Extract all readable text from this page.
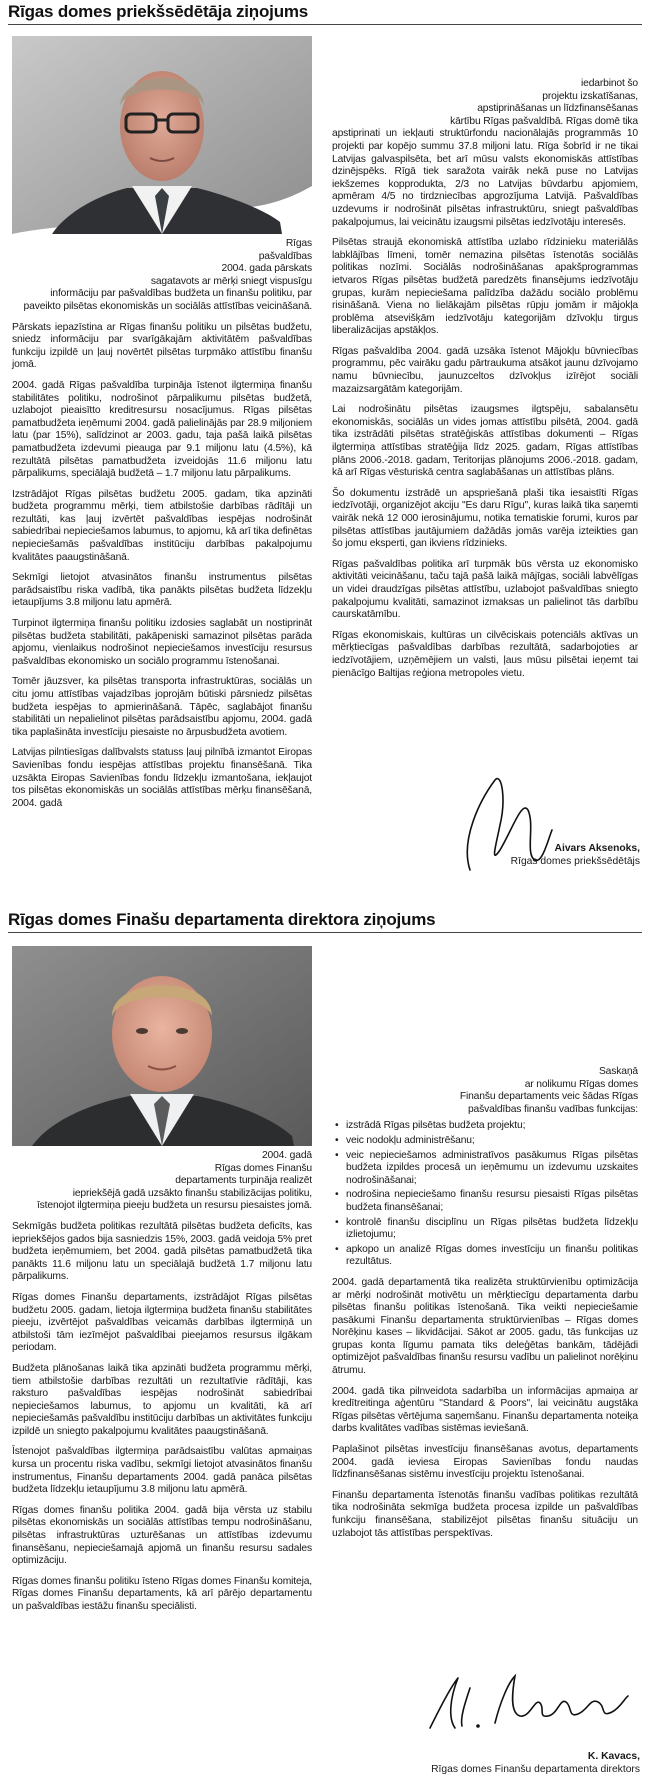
Rīgas domes priekšsēdētāja ziņojums
Rīgas
pašvaldības
2004. gada pārskats
sagatavots ar mērķi sniegt vispusīgu
informāciju par pašvaldības budžeta un finanšu politiku, par
paveikto pilsētas ekonomiskās un sociālās attīstības veicināšanā.

Pārskats iepazīstina ar Rīgas finanšu politiku un pilsētas budžetu, sniedz informāciju par svarīgākajām aktivitātēm pašvaldības funkciju izpildē un ļauj novērtēt pilsētas turpmāko attīstību finanšu jomā.

2004. gadā Rīgas pašvaldība turpināja īstenot ilgtermiņa finanšu stabilitātes politiku, nodrošinot pārpalikumu pilsētas budžetā, uzlabojot pieaisītto kreditresursu nosacījumus. Rīgas pilsētas pamatbudžeta ieņēmumi 2004. gadā palielinājās par 28.9 miljoniem latu (par 15%), salīdzinot ar 2003. gadu, taja pašā laikā pilsētas pamatbudžeta izdevumi pieauga par 9.1 miljonu latu (4.5%), kā rezultātā pilsētas pamatbudžeta izveidojās 11.6 miljonu latu pārpalikums, speciālajā budžetā – 1.7 miljonu latu pārpalikums.

Izstrādājot Rīgas pilsētas budžetu 2005. gadam, tika apzināti budžeta programmu mērķi, tiem atbilstošie darbības rādītāji un rezultāti, kas ļauj izvērtēt pašvaldības iespējas nodrošināt sabiedrībai nepieciešamos labumus, to apjomu, kā arī tika definētas nepieciešamās pašvaldības institūciju darbības pakalpojumu kvalitātes paaugstināšanā.

Sekmīgi lietojot atvasinātos finanšu instrumentus pilsētas parādsaistību riska vadībā, tika panākts pilsētas budžeta līdzekļu ietaupījums 3.8 miljonu latu apmērā.

Turpinot ilgtermiņa finanšu politiku izdosies saglabāt un nostiprināt pilsētas budžeta stabilitāti, pakāpeniski samazinot pilsētas parāda apjomu, vienlaikus nodrošinot nepieciešamos investīciju resursus pašvaldības ekonomisko un sociālo programmu īstenošanai.

Tomēr jāuzsver, ka pilsētas transporta infrastruktūras, sociālās un citu jomu attīstības vajadzības joprojām būtiski pārsniedz pilsētas budžeta iespējas to apmierināšanā. Tāpēc, saglabājot finanšu stabilitāti un nepalielinot pilsētas parādsaistību apjomu, 2004. gadā tika paplašināta investīciju piesaiste no ārpusbudžeta avotiem.

Latvijas pilntiesīgas dalībvalsts statuss ļauj pilnībā izmantot Eiropas Savienības fondu iespējas attīstības projektu finansēšanā. Tika uzsākta Eiropas Savienības fondu līdzekļu izmantošana, iekļaujot tos pilsētas ekonomiskās un sociālās attīstības mērķu finansēšanā, 2004. gadā

iedarbinot šo
projektu izskatīšanas,
apstiprināšanas un līdzfinansēšanas
kārtību Rīgas pašvaldībā. Rīgas domē tika

apstiprinati un iekļauti struktūrfondu nacionālajās programmās 10 projekti par kopējo summu 37.8 miljoni latu. Rīga šobrīd ir ne tikai Latvijas galvaspilsēta, bet arī mūsu valsts ekonomiskās attīstības dzinējspēks. Rīgā tiek saražota vairāk nekā puse no Latvijas iekšzemes kopprodukta, 2/3 no Latvijas būvdarbu apjomiem, apmēram 4/5 no tirdzniecības apgrozījuma Latvijā. Pašvaldības uzdevums ir nodrošināt pilsētas infrastruktūru, sniegt pašvaldības pakalpojumus, lai veicinātu izaugsmi pilsētas iedzīvotāju interesēs.

Pilsētas straujā ekonomiskā attīstība uzlabo rīdzinieku materiālās labklājības līmeni, tomēr nemazina pilsētas īstenotās sociālās politikas nozīmi. Sociālās nodrošināšanas apakšprogrammas ietvaros Rīgas pilsētas budžetā paredzēts finansējums iedzīvotāju grupas, kurām nepieciešama palīdzība dažādu sociālo problēmu risināšanā. Viena no lielākajām pilsētas rūpju jomām ir mājokļa problēma atsevišķām iedzīvotāju kategorijām dzīvokļu tirgus liberalizācijas apstākļos.

Rīgas pašvaldība 2004. gadā uzsāka īstenot Mājokļu būvniecības programmu, pēc vairāku gadu pārtraukuma atsākot jaunu dzīvojamo namu būvniecību, jaunuzceltos dzīvokļus izīrējot sociāli mazaizsargātām kategorijām.

Lai nodrošinātu pilsētas izaugsmes ilgtspēju, sabalansētu ekonomiskās, sociālās un vides jomas attīstību pilsētā, 2004. gadā tika izstrādāti pilsētas stratēģiskās attīstības dokumenti – Rīgas ilgtermiņa attīstības stratēģija līdz 2025. gadam, Rīgas attīstības plāns 2006.-2018. gadam, Teritorijas plānojums 2006.-2018. gadam, kā arī Rīgas vēsturiskā centra saglabāšanas un attīstības plāns.

Šo dokumentu izstrādē un apspriešanā plaši tika iesaistīti Rīgas iedzīvotāji, organizējot akciju "Es daru Rīgu", kuras laikā tika saņemti vairāk nekā 12 000 ierosinājumu, notika tematiskie forumi, kuros par pilsētas attīstības jautājumiem dažādās jomās varēja izteikties gan šo jomu eksperti, gan ikviens rīdzinieks.

Rīgas pašvaldības politika arī turpmāk būs vērsta uz ekonomisko aktivitāti veicināšanu, taču tajā pašā laikā mājīgas, sociāli labvēlīgas un videi draudzīgas pilsētas attīstību, uzlabojot pašvaldības sniegto pakalpojumu kvalitāti, samazinot izmaksas un palielinot tās darbību caurskatāmību.

Rīgas ekonomiskais, kultūras un cilvēciskais potenciāls aktīvas un mērķtiecīgas pašvaldības darbības rezultātā, sadarbojoties ar iedzīvotājiem, uzņēmējiem un valsti, ļaus mūsu pilsētai ieņemt tai pienācīgo Baltijas reģiona metropoles vietu.

Aivars Aksenoks,
Rīgas domes priekšsēdētājs
Rīgas domes Finašu departamenta direktora ziņojums
2004. gadā
Rīgas domes Finanšu
departaments turpināja realizēt
iepriekšējā gadā uzsākto finanšu stabilizācijas politiku,
īstenojot ilgtermiņa pieeju budžeta un resursu piesaistes jomā.

Sekmīgās budžeta politikas rezultātā pilsētas budžeta deficīts, kas iepriekšējos gados bija sasniedzis 15%, 2003. gadā veidoja 5% pret budžeta ieņēmumiem, bet 2004. gadā pilsētas pamatbudžetā tika panākts 11.6 miljonu latu un speciālajā budžetā 1.7 miljonu latu pārpalikums.

Rīgas domes Finanšu departaments, izstrādājot Rīgas pilsētas budžetu 2005. gadam, lietoja ilgtermiņa budžeta finanšu stabilitātes pieeju, izvērtējot pašvaldības veicamās darbības ilgtermiņā un atbilstoši tām iezīmējot pašvaldībai pieejamos resursus ilgākam periodam.

Budžeta plānošanas laikā tika apzināti budžeta programmu mērķi, tiem atbilstošie darbības rezultāti un rezultatīvie rādītāji, kas raksturo pašvaldības iespējas nodrošināt sabiedrībai nepieciešamos labumus, to apjomu un kvalitāti, kā arī nepieciešamās pašvaldību institūciju darbības un aktivitātes funkciju izpildē un sniegto pakalpojumu kvalitātes paaugstināšanā.

Īstenojot pašvaldības ilgtermiņa parādsaistību valūtas apmaiņas kursa un procentu riska vadību, sekmīgi lietojot atvasinātos finanšu instrumentus, Finanšu departaments 2004. gadā panāca pilsētas budžeta līdzekļu ietaupījumu 3.8 miljonu latu apmērā.

Rīgas domes finanšu politika 2004. gadā bija vērsta uz stabilu pilsētas ekonomiskās un sociālās attīstības tempu nodrošināšanu, pilsētas infrastruktūras uzturēšanas un attīstības izdevumu finansēšanu, nepieciešamajā apjomā un finanšu resursu sadales optimizāciju.

Rīgas domes finanšu politiku īsteno Rīgas domes Finanšu komiteja, Rīgas domes Finanšu departaments, kā arī pārējo departamentu un pašvaldības iestāžu finanšu speciālisti.

Saskaņā
ar nolikumu Rīgas domes
Finanšu departaments veic šādas Rīgas
pašvaldības finanšu vadības funkcijas:
• izstrādā Rīgas pilsētas budžeta projektu;
• veic nodokļu administrēšanu;
• veic nepieciešamos administratīvos pasākumus Rīgas pilsētas budžeta izpildes procesā un ieņēmumu un izdevumu uzskaites nodrošināšanai;
• nodrošina nepieciešamo finanšu resursu piesaisti Rīgas pilsētas budžeta finansēšanai;
• kontrolē finanšu disciplīnu un Rīgas pilsētas budžeta līdzekļu izlietojumu;
• apkopo un analizē Rīgas domes investīciju un finanšu politikas rezultātus.

2004. gadā departamentā tika realizēta struktūrvienību optimizācija ar mērķi nodrošināt motivētu un mērķtiecīgu departamenta darbu pilsētas finanšu politikas īstenošanā. Tika veikti nepieciešamie pasākumi Finanšu departamenta struktūrvienības – Rīgas domes Norēķinu kases – likvidācijai. Sākot ar 2005. gadu, tās funkcijas uz grupas konta līgumu pamata tiks deleģētas bankām, tādējādi optimizējot pašvaldības finanšu resursu vadību un palielinot norēķinu ātrumu.

2004. gadā tika pilnveidota sadarbība un informācijas apmaiņa ar kredītreitinga aģentūru "Standard & Poors", lai veicinātu augstāka Rīgas pilsētas vērtējuma saņemšanu. Finanšu departamenta noteiķa darbs kvalitātes vadības sistēmas ieviešanā.

Paplašinot pilsētas investīciju finansēšanas avotus, departaments 2004. gadā ieviesa Eiropas Savienības fondu naudas līdzfinansēšanas sistēmu investīciju projektu īstenošanai.

Finanšu departamenta īstenotās finanšu vadības politikas rezultātā tika nodrošināta sekmīga budžeta procesa izpilde un pašvaldības funkciju finansēšana, stabilizējot pilsētas finanšu situāciju un uzlabojot tās attīstības perspektīvas.

K. Kavacs,
Rīgas domes Finanšu departamenta direktors
